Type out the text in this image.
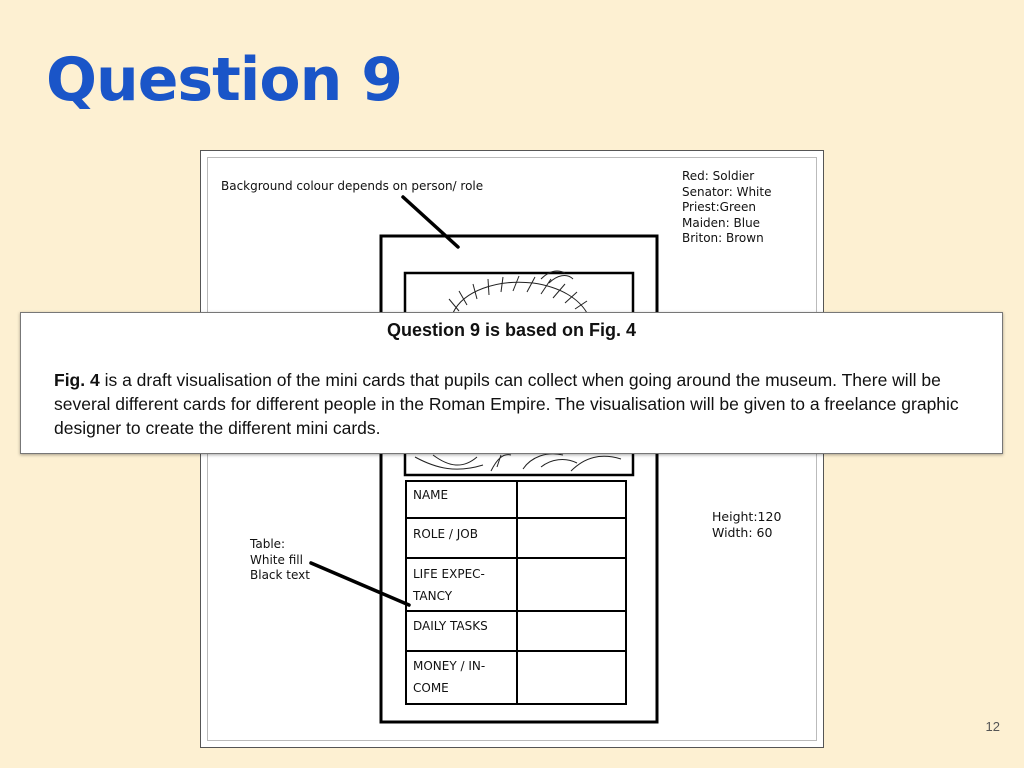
Question 9
Background colour depends on person/ role
Red: Soldier
Senator: White
Priest:Green
Maiden: Blue
Briton: Brown
Table:
White fill
Black text
Height:120
Width: 60
NAME
ROLE / JOB
LIFE EXPEC-
TANCY
DAILY TASKS
MONEY / IN-
COME
Question 9 is based on Fig. 4
Fig. 4 is a draft visualisation of the mini cards that pupils can collect when going around the museum. There will be several different cards for different people in the Roman Empire. The visualisation will be given to a freelance graphic designer to create the different mini cards.
12
